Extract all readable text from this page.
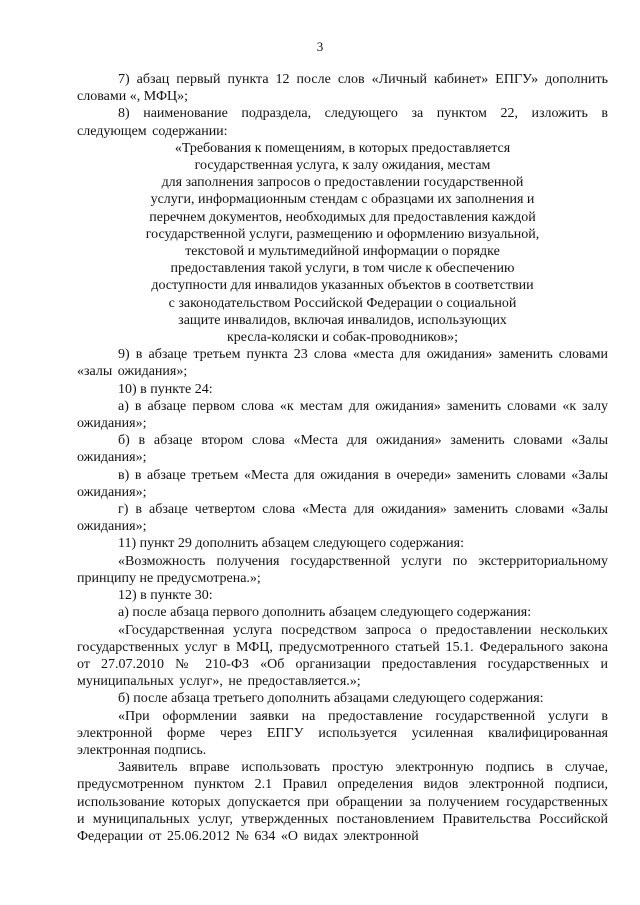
3

7) абзац первый пункта 12 после слов «Личный кабинет» ЕПГУ» дополнить словами «, МФЦ»;

8) наименование подраздела, следующего за пунктом 22, изложить в следующем содержании:

«Требования к помещениям, в которых предоставляется

государственная услуга, к залу ожидания, местам

для заполнения запросов о предоставлении государственной

услуги, информационным стендам с образцами их заполнения и

перечнем документов, необходимых для предоставления каждой

государственной услуги, размещению и оформлению визуальной,

текстовой и мультимедийной информации о порядке

предоставления такой услуги, в том числе к обеспечению

доступности для инвалидов указанных объектов в соответствии

с законодательством Российской Федерации о социальной

защите инвалидов, включая инвалидов, использующих

кресла-коляски и собак-проводников»;

9) в абзаце третьем пункта 23 слова «места для ожидания» заменить словами «залы ожидания»;

10) в пункте 24:

а) в абзаце первом слова «к местам для ожидания» заменить словами «к залу ожидания»;

б) в абзаце втором слова «Места для ожидания» заменить словами «Залы ожидания»;

в) в абзаце третьем «Места для ожидания в очереди» заменить словами «Залы ожидания»;

г) в абзаце четвертом слова «Места для ожидания» заменить словами «Залы ожидания»;

11) пункт 29 дополнить абзацем следующего содержания:

«Возможность получения государственной услуги по экстерриториальному принципу не предусмотрена.»;

12) в пункте 30:

а) после абзаца первого дополнить абзацем следующего содержания:

«Государственная услуга посредством запроса о предоставлении нескольких государственных услуг в МФЦ, предусмотренного статьей 15.1. Федерального закона от 27.07.2010 № 210-ФЗ «Об организации предоставления государственных и муниципальных услуг», не предоставляется.»;

б) после абзаца третьего дополнить абзацами следующего содержания:

«При оформлении заявки на предоставление государственной услуги в электронной форме через ЕПГУ используется усиленная квалифицированная электронная подпись.

Заявитель вправе использовать простую электронную подпись в случае, предусмотренном пунктом 2.1 Правил определения видов электронной подписи, использование которых допускается при обращении за получением государственных и муниципальных услуг, утвержденных постановлением Правительства Российской Федерации от 25.06.2012 № 634 «О видах электронной
